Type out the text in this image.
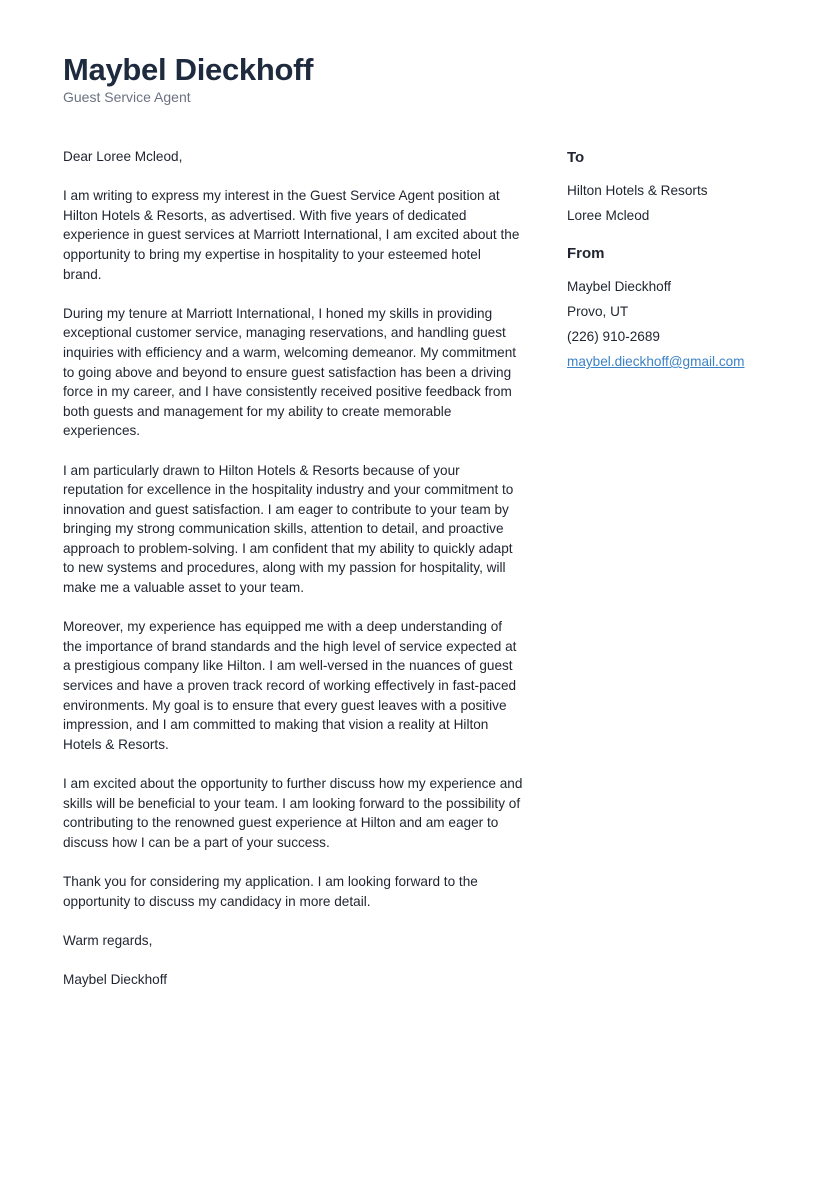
Maybel Dieckhoff
Guest Service Agent

Dear Loree Mcleod,

I am writing to express my interest in the Guest Service Agent position at Hilton Hotels & Resorts, as advertised. With five years of dedicated experience in guest services at Marriott International, I am excited about the opportunity to bring my expertise in hospitality to your esteemed hotel brand.

During my tenure at Marriott International, I honed my skills in providing exceptional customer service, managing reservations, and handling guest inquiries with efficiency and a warm, welcoming demeanor. My commitment to going above and beyond to ensure guest satisfaction has been a driving force in my career, and I have consistently received positive feedback from both guests and management for my ability to create memorable experiences.

I am particularly drawn to Hilton Hotels & Resorts because of your reputation for excellence in the hospitality industry and your commitment to innovation and guest satisfaction. I am eager to contribute to your team by bringing my strong communication skills, attention to detail, and proactive approach to problem-solving. I am confident that my ability to quickly adapt to new systems and procedures, along with my passion for hospitality, will make me a valuable asset to your team.

Moreover, my experience has equipped me with a deep understanding of the importance of brand standards and the high level of service expected at a prestigious company like Hilton. I am well-versed in the nuances of guest services and have a proven track record of working effectively in fast-paced environments. My goal is to ensure that every guest leaves with a positive impression, and I am committed to making that vision a reality at Hilton Hotels & Resorts.

I am excited about the opportunity to further discuss how my experience and skills will be beneficial to your team. I am looking forward to the possibility of contributing to the renowned guest experience at Hilton and am eager to discuss how I can be a part of your success.

Thank you for considering my application. I am looking forward to the opportunity to discuss my candidacy in more detail.

Warm regards,

Maybel Dieckhoff

To
Hilton Hotels & Resorts
Loree Mcleod
From
Maybel Dieckhoff
Provo, UT
(226) 910-2689
maybel.dieckhoff@gmail.com
